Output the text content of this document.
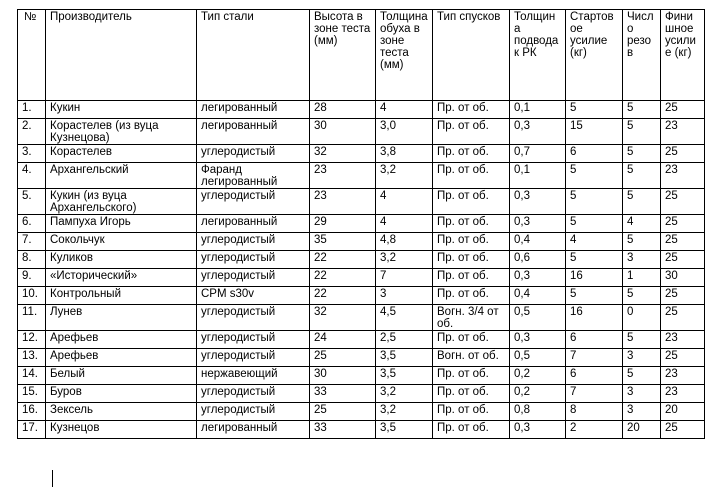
№	Производитель	Тип стали	Высота в зоне теста (мм)	Толщина обуха в зоне теста (мм)	Тип спусков	Толщина подвода к РК	Стартовое усилие (кг)	Число резов	Финишное усилие (кг)
1.	Кукин	легированный	28	4	Пр. от об.	0,1	5	5	25
2.	Корастелев (из вуца Кузнецова)	легированный	30	3,0	Пр. от об.	0,3	15	5	23
3.	Корастелев	углеродистый	32	3,8	Пр. от об.	0,7	6	5	25
4.	Архангельский	Фаранд легированный	23	3,2	Пр. от об.	0,1	5	5	23
5.	Кукин (из вуца Архангельского)	углеродистый	23	4	Пр. от об.	0,3	5	5	25
6.	Пампуха Игорь	легированный	29	4	Пр. от об.	0,3	5	4	25
7.	Сокольчук	углеродистый	35	4,8	Пр. от об.	0,4	4	5	25
8.	Куликов	углеродистый	22	3,2	Пр. от об.	0,6	5	3	25
9.	«Исторический»	углеродистый	22	7	Пр. от об.	0,3	16	1	30
10.	Контрольный	CPM s30v	22	3	Пр. от об.	0,4	5	5	25
11.	Лунев	углеродистый	32	4,5	Вогн. 3/4 от об.	0,5	16	0	25
12.	Арефьев	углеродистый	24	2,5	Пр. от об.	0,3	6	5	23
13.	Арефьев	углеродистый	25	3,5	Вогн. от об.	0,5	7	3	25
14.	Белый	нержавеющий	30	3,5	Пр. от об.	0,2	6	5	23
15.	Буров	углеродистый	33	3,2	Пр. от об.	0,2	7	3	23
16.	Зексель	углеродистый	25	3,2	Пр. от об.	0,8	8	3	20
17.	Кузнецов	легированный	33	3,5	Пр. от об.	0,3	2	20	25
